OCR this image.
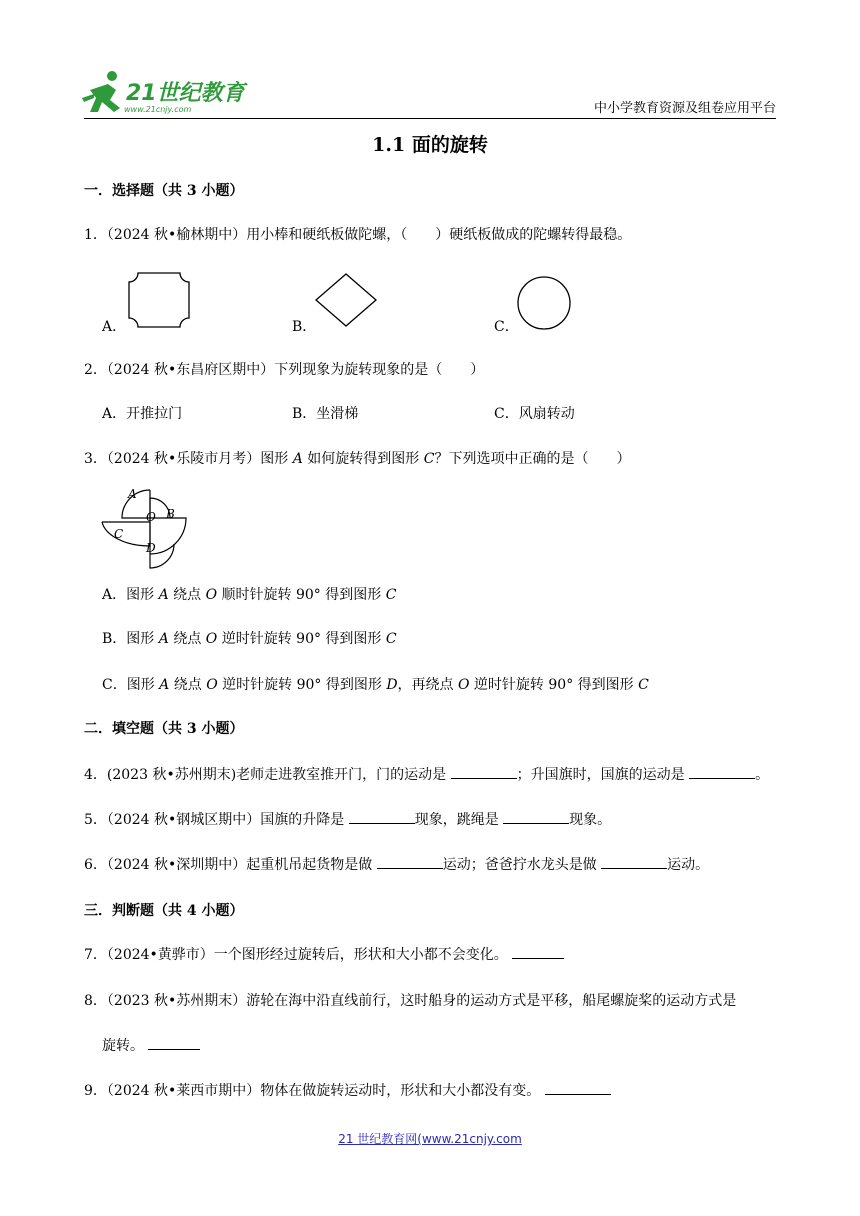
21世纪教育
www.21cnjy.com	中小学教育资源及组卷应用平台
1.1 面的旋转
一．选择题（共 3 小题）
1．（2024 秋•榆林期中）用小棒和硬纸板做陀螺，（　　）硬纸板做成的陀螺转得最稳。
A．	B．	C．
2．（2024 秋•东昌府区期中）下列现象为旋转现象的是（　　）
A．开推拉门	B．坐滑梯	C．风扇转动
3．（2024 秋•乐陵市月考）图形 A 如何旋转得到图形 C？下列选项中正确的是（　　）
A
B
C
D
O
A．图形 A 绕点 O 顺时针旋转 90° 得到图形 C
B．图形 A 绕点 O 逆时针旋转 90° 得到图形 C
C．图形 A 绕点 O 逆时针旋转 90° 得到图形 D，再绕点 O 逆时针旋转 90° 得到图形 C
二．填空题（共 3 小题）
4．(2023 秋•苏州期末)老师走进教室推开门，门的运动是	；升国旗时，国旗的运动是	。
5．（2024 秋•钢城区期中）国旗的升降是	现象，跳绳是	现象。
6．（2024 秋•深圳期中）起重机吊起货物是做	运动；爸爸拧水龙头是做	运动。
三．判断题（共 4 小题）
7．（2024•黄骅市）一个图形经过旋转后，形状和大小都不会变化。
8．（2023 秋•苏州期末）游轮在海中沿直线前行，这时船身的运动方式是平移，船尾螺旋桨的运动方式是
旋转。
9．（2024 秋•莱西市期中）物体在做旋转运动时，形状和大小都没有变。
21 世纪教育网(www.21cnjy.com
